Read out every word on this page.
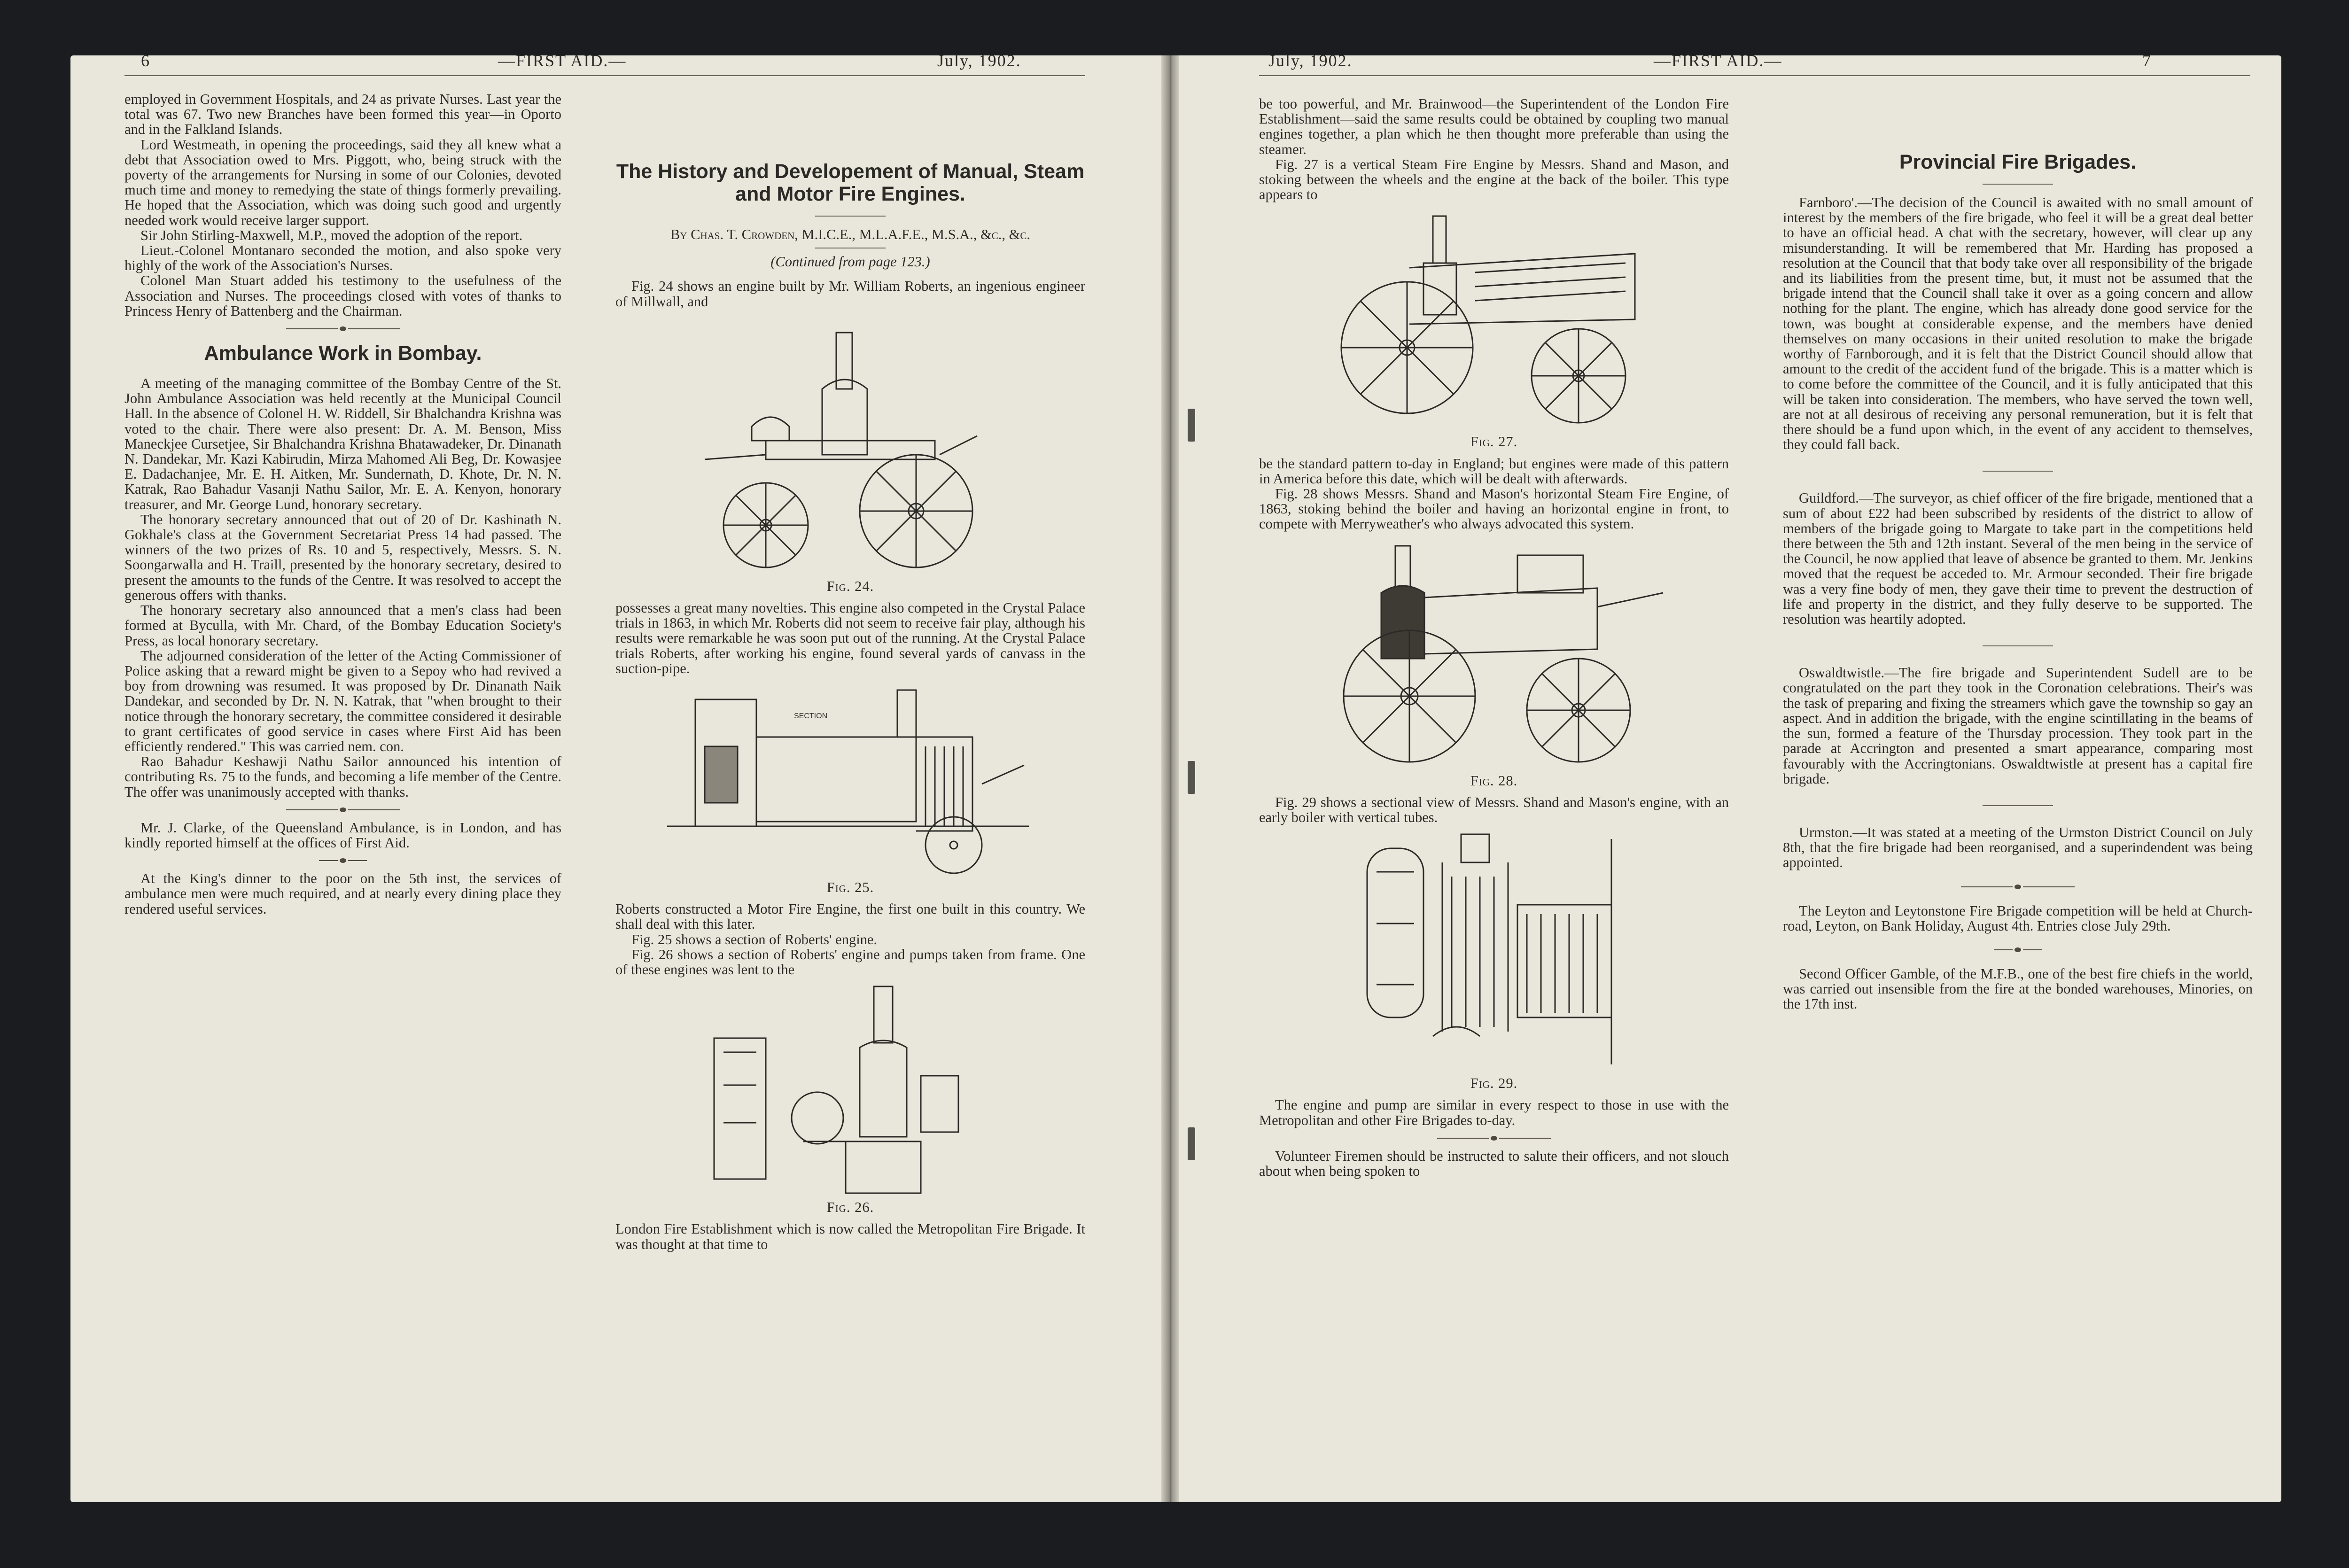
6	—FIRST AID.—	July, 1902.

employed in Government Hospitals, and 24 as private Nurses. Last year the total was 67. Two new Branches have been formed this year—in Oporto and in the Falkland Islands.

Lord Westmeath, in opening the proceedings, said they all knew what a debt that Association owed to Mrs. Piggott, who, being struck with the poverty of the arrangements for Nursing in some of our Colonies, devoted much time and money to remedying the state of things formerly prevailing. He hoped that the Association, which was doing such good and urgently needed work would receive larger support.

Sir John Stirling-Maxwell, M.P., moved the adoption of the report.

Lieut.-Colonel Montanaro seconded the motion, and also spoke very highly of the work of the Association's Nurses.

Colonel Man Stuart added his testimony to the usefulness of the Association and Nurses. The proceedings closed with votes of thanks to Princess Henry of Battenberg and the Chairman.

Ambulance Work in Bombay.

A meeting of the managing committee of the Bombay Centre of the St. John Ambulance Association was held recently at the Municipal Council Hall. In the absence of Colonel H. W. Riddell, Sir Bhalchandra Krishna was voted to the chair. There were also present: Dr. A. M. Benson, Miss Maneckjee Cursetjee, Sir Bhalchandra Krishna Bhatawadeker, Dr. Dinanath N. Dandekar, Mr. Kazi Kabirudin, Mirza Mahomed Ali Beg, Dr. Kowasjee E. Dadachanjee, Mr. E. H. Aitken, Mr. Sundernath, D. Khote, Dr. N. N. Katrak, Rao Bahadur Vasanji Nathu Sailor, Mr. E. A. Kenyon, honorary treasurer, and Mr. George Lund, honorary secretary.

The honorary secretary announced that out of 20 of Dr. Kashinath N. Gokhale's class at the Government Secretariat Press 14 had passed. The winners of the two prizes of Rs. 10 and 5, respectively, Messrs. S. N. Soongarwalla and H. Traill, presented by the honorary secretary, desired to present the amounts to the funds of the Centre. It was resolved to accept the generous offers with thanks.

The honorary secretary also announced that a men's class had been formed at Byculla, with Mr. Chard, of the Bombay Education Society's Press, as local honorary secretary.

The adjourned consideration of the letter of the Acting Commissioner of Police asking that a reward might be given to a Sepoy who had revived a boy from drowning was resumed. It was proposed by Dr. Dinanath Naik Dandekar, and seconded by Dr. N. N. Katrak, that "when brought to their notice through the honorary secretary, the committee considered it desirable to grant certificates of good service in cases where First Aid has been efficiently rendered." This was carried nem. con.

Rao Bahadur Keshawji Nathu Sailor announced his intention of contributing Rs. 75 to the funds, and becoming a life member of the Centre. The offer was unanimously accepted with thanks.

Mr. J. Clarke, of the Queensland Ambulance, is in London, and has kindly reported himself at the offices of First Aid.

At the King's dinner to the poor on the 5th inst, the services of ambulance men were much required, and at nearly every dining place they rendered useful services.

The History and Developement of Manual, Steam and Motor Fire Engines.
By Chas. T. Crowden, M.I.C.E., M.L.A.F.E., M.S.A., &c., &c.
(Continued from page 123.)

Fig. 24 shows an engine built by Mr. William Roberts, an ingenious engineer of Millwall, and

Fig. 24.

possesses a great many novelties. This engine also competed in the Crystal Palace trials in 1863, in which Mr. Roberts did not seem to receive fair play, although his results were remarkable he was soon put out of the running. At the Crystal Palace trials Roberts, after working his engine, found several yards of canvass in the suction-pipe.

SECTION
Fig. 25.

Roberts constructed a Motor Fire Engine, the first one built in this country. We shall deal with this later.

Fig. 25 shows a section of Roberts' engine.

Fig. 26 shows a section of Roberts' engine and pumps taken from frame. One of these engines was lent to the

Fig. 26.

London Fire Establishment which is now called the Metropolitan Fire Brigade. It was thought at that time to

July, 1902.	—FIRST AID.—	7

be too powerful, and Mr. Brainwood—the Superintendent of the London Fire Establishment—said the same results could be obtained by coupling two manual engines together, a plan which he then thought more preferable than using the steamer.

Fig. 27 is a vertical Steam Fire Engine by Messrs. Shand and Mason, and stoking between the wheels and the engine at the back of the boiler. This type appears to

Fig. 27.

be the standard pattern to-day in England; but engines were made of this pattern in America before this date, which will be dealt with afterwards.

Fig. 28 shows Messrs. Shand and Mason's horizontal Steam Fire Engine, of 1863, stoking behind the boiler and having an horizontal engine in front, to compete with Merryweather's who always advocated this system.

Fig. 28.

Fig. 29 shows a sectional view of Messrs. Shand and Mason's engine, with an early boiler with vertical tubes.

Fig. 29.

The engine and pump are similar in every respect to those in use with the Metropolitan and other Fire Brigades to-day.

Volunteer Firemen should be instructed to salute their officers, and not slouch about when being spoken to

Provincial Fire Brigades.

Farnboro'.—The decision of the Council is awaited with no small amount of interest by the members of the fire brigade, who feel it will be a great deal better to have an official head. A chat with the secretary, however, will clear up any misunderstanding. It will be remembered that Mr. Harding has proposed a resolution at the Council that that body take over all responsibility of the brigade and its liabilities from the present time, but, it must not be assumed that the brigade intend that the Council shall take it over as a going concern and allow nothing for the plant. The engine, which has already done good service for the town, was bought at considerable expense, and the members have denied themselves on many occasions in their united resolution to make the brigade worthy of Farnborough, and it is felt that the District Council should allow that amount to the credit of the accident fund of the brigade. This is a matter which is to come before the committee of the Council, and it is fully anticipated that this will be taken into consideration. The members, who have served the town well, are not at all desirous of receiving any personal remuneration, but it is felt that there should be a fund upon which, in the event of any accident to themselves, they could fall back.

Guildford.—The surveyor, as chief officer of the fire brigade, mentioned that a sum of about £22 had been subscribed by residents of the district to allow of members of the brigade going to Margate to take part in the competitions held there between the 5th and 12th instant. Several of the men being in the service of the Council, he now applied that leave of absence be granted to them. Mr. Jenkins moved that the request be acceded to. Mr. Armour seconded. Their fire brigade was a very fine body of men, they gave their time to prevent the destruction of life and property in the district, and they fully deserve to be supported. The resolution was heartily adopted.

Oswaldtwistle.—The fire brigade and Superintendent Sudell are to be congratulated on the part they took in the Coronation celebrations. Their's was the task of preparing and fixing the streamers which gave the township so gay an aspect. And in addition the brigade, with the engine scintillating in the beams of the sun, formed a feature of the Thursday procession. They took part in the parade at Accrington and presented a smart appearance, comparing most favourably with the Accringtonians. Oswaldtwistle at present has a capital fire brigade.

Urmston.—It was stated at a meeting of the Urmston District Council on July 8th, that the fire brigade had been reorganised, and a superindendent was being appointed.

The Leyton and Leytonstone Fire Brigade competition will be held at Church-road, Leyton, on Bank Holiday, August 4th. Entries close July 29th.

Second Officer Gamble, of the M.F.B., one of the best fire chiefs in the world, was carried out insensible from the fire at the bonded warehouses, Minories, on the 17th inst.
